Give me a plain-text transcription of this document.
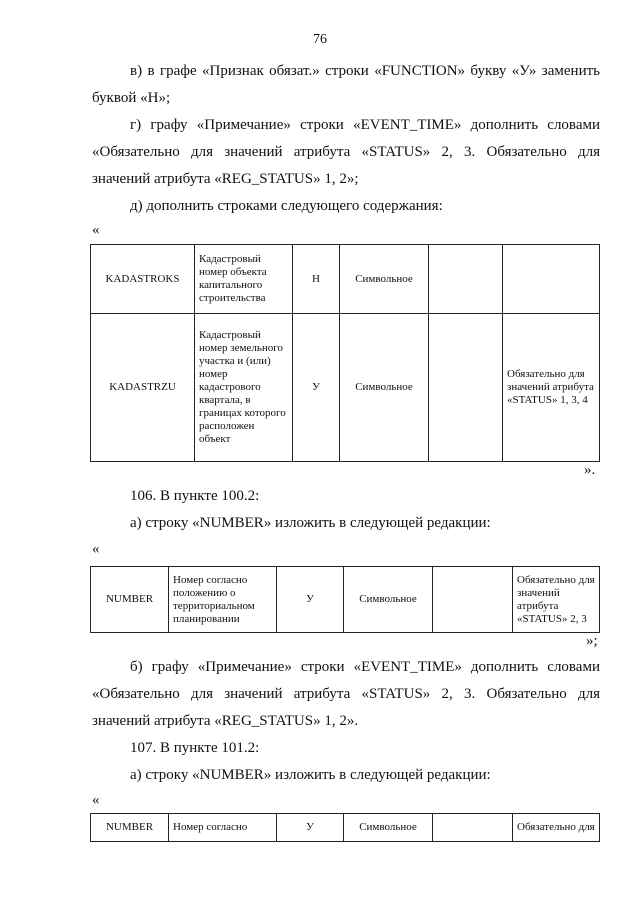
76
в) в графе «Признак обязат.» строки «FUNCTION» букву «У» заменить
буквой «Н»;
г) графу «Примечание» строки «EVENT_TIME» дополнить словами
«Обязательно для значений атрибута «STATUS» 2, 3. Обязательно для
значений атрибута «REG_STATUS» 1, 2»;
д) дополнить строками следующего содержания:
«
KADASTROKS	Кадастровый номер объекта капитального строительства	Н	Символьное		
KADASTRZU	Кадастровый номер земельного участка и (или) номер кадастрового квартала, в границах которого расположен объект	У	Символьное		Обязательно для значений атрибута «STATUS» 1, 3, 4
».
106. В пункте 100.2:
а) строку «NUMBER» изложить в следующей редакции:
«
NUMBER	Номер согласно положению о территориальном планировании	У	Символьное		Обязательно для значений атрибута «STATUS» 2, 3
»;
б) графу «Примечание» строки «EVENT_TIME» дополнить словами
«Обязательно для значений атрибута «STATUS» 2, 3. Обязательно для
значений атрибута «REG_STATUS» 1, 2».
107. В пункте 101.2:
а) строку «NUMBER» изложить в следующей редакции:
«
NUMBER	Номер согласно	У	Символьное		Обязательно для
